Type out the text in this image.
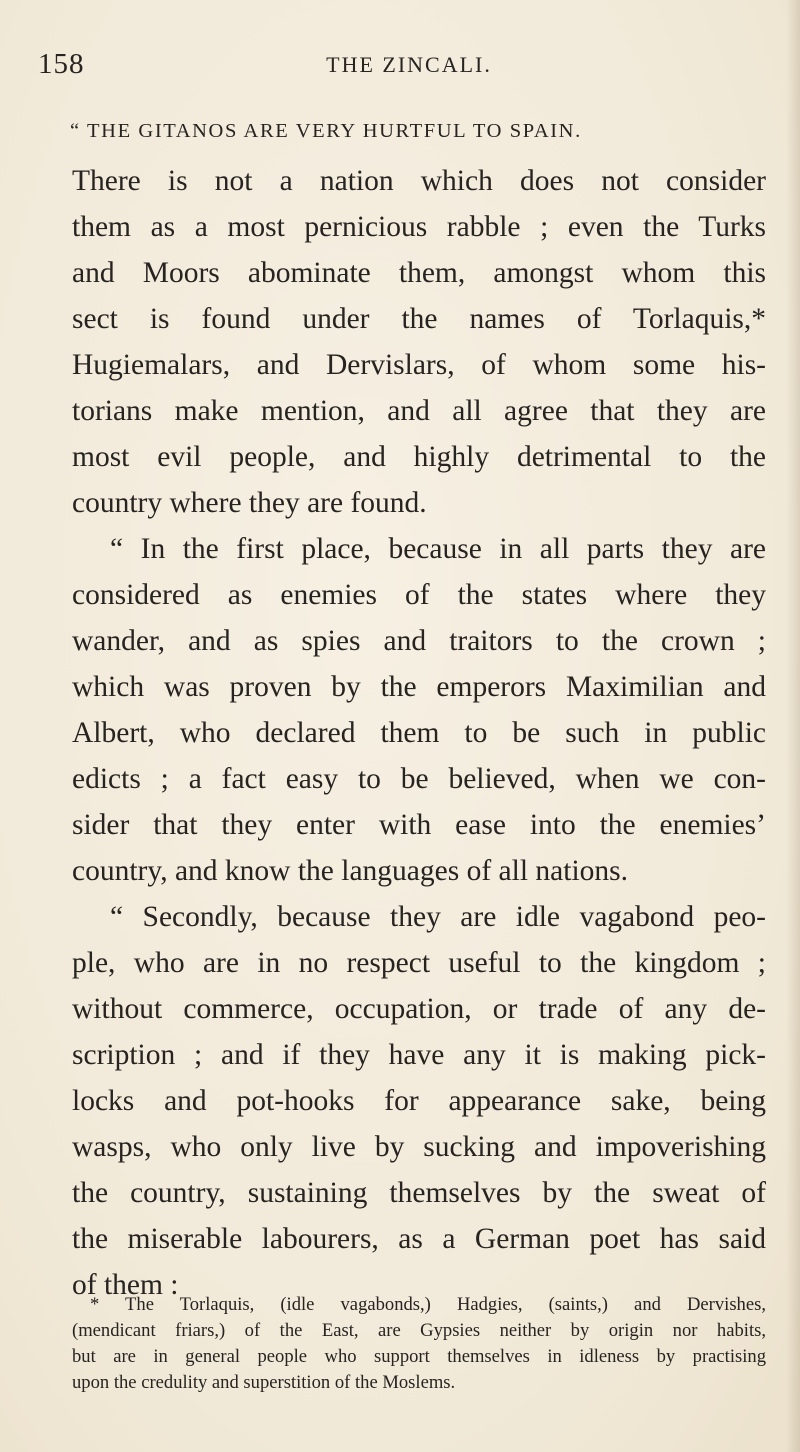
158	THE ZINCALI.
“ THE GITANOS ARE VERY HURTFUL TO SPAIN.
There is not a nation which does not consider
them as a most pernicious rabble ; even the Turks
and Moors abominate them, amongst whom this
sect is found under the names of Torlaquis,*
Hugiemalars, and Dervislars, of whom some his-
torians make mention, and all agree that they are
most evil people, and highly detrimental to the
country where they are found.
“ In the first place, because in all parts they are
considered as enemies of the states where they
wander, and as spies and traitors to the crown ;
which was proven by the emperors Maximilian and
Albert, who declared them to be such in public
edicts ; a fact easy to be believed, when we con-
sider that they enter with ease into the enemies’
country, and know the languages of all nations.
“ Secondly, because they are idle vagabond peo-
ple, who are in no respect useful to the kingdom ;
without commerce, occupation, or trade of any de-
scription ; and if they have any it is making pick-
locks and pot-hooks for appearance sake, being
wasps, who only live by sucking and impoverishing
the country, sustaining themselves by the sweat of
the miserable labourers, as a German poet has said
of them :
* The Torlaquis, (idle vagabonds,) Hadgies, (saints,) and Dervishes,
(mendicant friars,) of the East, are Gypsies neither by origin nor habits,
but are in general people who support themselves in idleness by practising
upon the credulity and superstition of the Moslems.
